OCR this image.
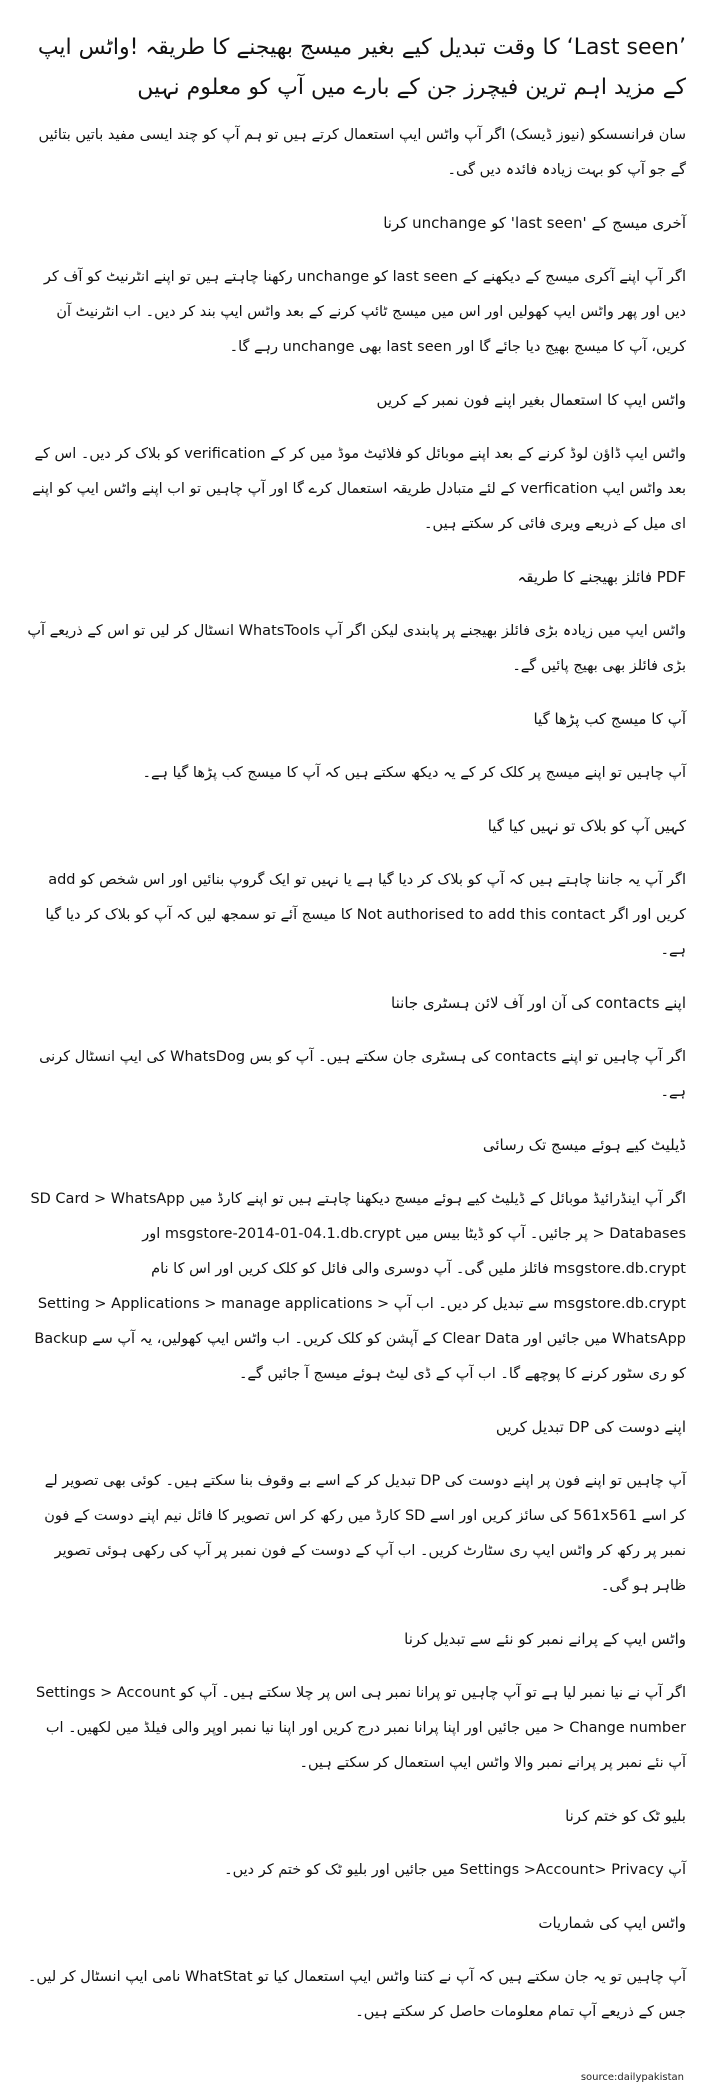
’Last seen‘ کا وقت تبدیل کیے بغیر میسج بھیجنے کا طریقہ !واٹس ایپ کے مزید اہم ترین فیچرز جن کے بارے میں آپ کو معلوم نہیں

سان فرانسسکو (نیوز ڈیسک) اگر آپ واٹس ایپ استعمال کرتے ہیں تو ہم آپ کو چند ایسی مفید باتیں بتائیں گے جو آپ کو بہت زیادہ فائدہ دیں گی۔

آخری میسج کے 'last seen' کو unchange کرنا

اگر آپ اپنے آکری میسج کے دیکھنے کے last seen کو unchange رکھنا چاہتے ہیں تو اپنے انٹرنیٹ کو آف کر دیں اور پھر واٹس ایپ کھولیں اور اس میں میسج ٹائپ کرنے کے بعد واٹس ایپ بند کر دیں۔ اب انٹرنیٹ آن کریں، آپ کا میسج بھیج دیا جائے گا اور last seen بھی unchange رہے گا۔

واٹس ایپ کا استعمال بغیر اپنے فون نمبر کے کریں

واٹس ایپ ڈاؤن لوڈ کرنے کے بعد اپنے موبائل کو فلائیٹ موڈ میں کر کے verification کو بلاک کر دیں۔ اس کے بعد واٹس ایپ verfication کے لئے متبادل طریقہ استعمال کرے گا اور آپ چاہیں تو اب اپنے واٹس ایپ کو اپنے ای میل کے ذریعے ویری فائی کر سکتے ہیں۔

PDF فائلز بھیجنے کا طریقہ

واٹس ایپ میں زیادہ بڑی فائلز بھیجنے پر پابندی لیکن اگر آپ WhatsTools انسٹال کر لیں تو اس کے ذریعے آپ بڑی فائلز بھی بھیج پائیں گے۔

آپ کا میسج کب پڑھا گیا

آپ چاہیں تو اپنے میسج پر کلک کر کے یہ دیکھ سکتے ہیں کہ آپ کا میسج کب پڑھا گیا ہے۔

کہیں آپ کو بلاک تو نہیں کیا گیا

اگر آپ یہ جاننا چاہتے ہیں کہ آپ کو بلاک کر دیا گیا ہے یا نہیں تو ایک گروپ بنائیں اور اس شخص کو add کریں اور اگر Not authorised to add this contact کا میسج آئے تو سمجھ لیں کہ آپ کو بلاک کر دیا گیا ہے۔

اپنے contacts کی آن اور آف لائن ہسٹری جاننا

اگر آپ چاہیں تو اپنے contacts کی ہسٹری جان سکتے ہیں۔ آپ کو بس WhatsDog کی ایپ انسٹال کرنی ہے۔

ڈیلیٹ کیے ہوئے میسج تک رسائی

اگر آپ اینڈرائیڈ موبائل کے ڈیلیٹ کیے ہوئے میسج دیکھنا چاہتے ہیں تو اپنے کارڈ میں SD Card > WhatsApp > Databases پر جائیں۔ آپ کو ڈیٹا بیس میں msgstore-2014-01-04.1.db.crypt اور msgstore.db.crypt فائلز ملیں گی۔ آپ دوسری والی فائل کو کلک کریں اور اس کا نام msgstore.db.crypt سے تبدیل کر دیں۔ اب آپ Setting > Applications > manage applications > WhatsApp میں جائیں اور Clear Data کے آپشن کو کلک کریں۔ اب واٹس ایپ کھولیں، یہ آپ سے Backup کو ری سٹور کرنے کا پوچھے گا۔ اب آپ کے ڈی لیٹ ہوئے میسج آ جائیں گے۔

اپنے دوست کی DP تبدیل کریں

آپ چاہیں تو اپنے فون پر اپنے دوست کی DP تبدیل کر کے اسے بے وقوف بنا سکتے ہیں۔ کوئی بھی تصویر لے کر اسے 561x561 کی سائز کریں اور اسے SD کارڈ میں رکھ کر اس تصویر کا فائل نیم اپنے دوست کے فون نمبر پر رکھ کر واٹس ایپ ری سٹارٹ کریں۔ اب آپ کے دوست کے فون نمبر پر آپ کی رکھی ہوئی تصویر ظاہر ہو گی۔

واٹس ایپ کے پرانے نمبر کو نئے سے تبدیل کرنا

اگر آپ نے نیا نمبر لیا ہے تو آپ چاہیں تو پرانا نمبر ہی اس پر چلا سکتے ہیں۔ آپ کو Settings > Account > Change number میں جائیں اور اپنا پرانا نمبر درج کریں اور اپنا نیا نمبر اوپر والی فیلڈ میں لکھیں۔ اب آپ نئے نمبر پر پرانے نمبر والا واٹس ایپ استعمال کر سکتے ہیں۔

بلیو ٹک کو ختم کرنا

آپ Settings >Account> Privacy میں جائیں اور بلیو ٹک کو ختم کر دیں۔

واٹس ایپ کی شماریات

آپ چاہیں تو یہ جان سکتے ہیں کہ آپ نے کتنا واٹس ایپ استعمال کیا تو WhatStat نامی ایپ انسٹال کر لیں۔ جس کے ذریعے آپ تمام معلومات حاصل کر سکتے ہیں۔

source:dailypakistan
